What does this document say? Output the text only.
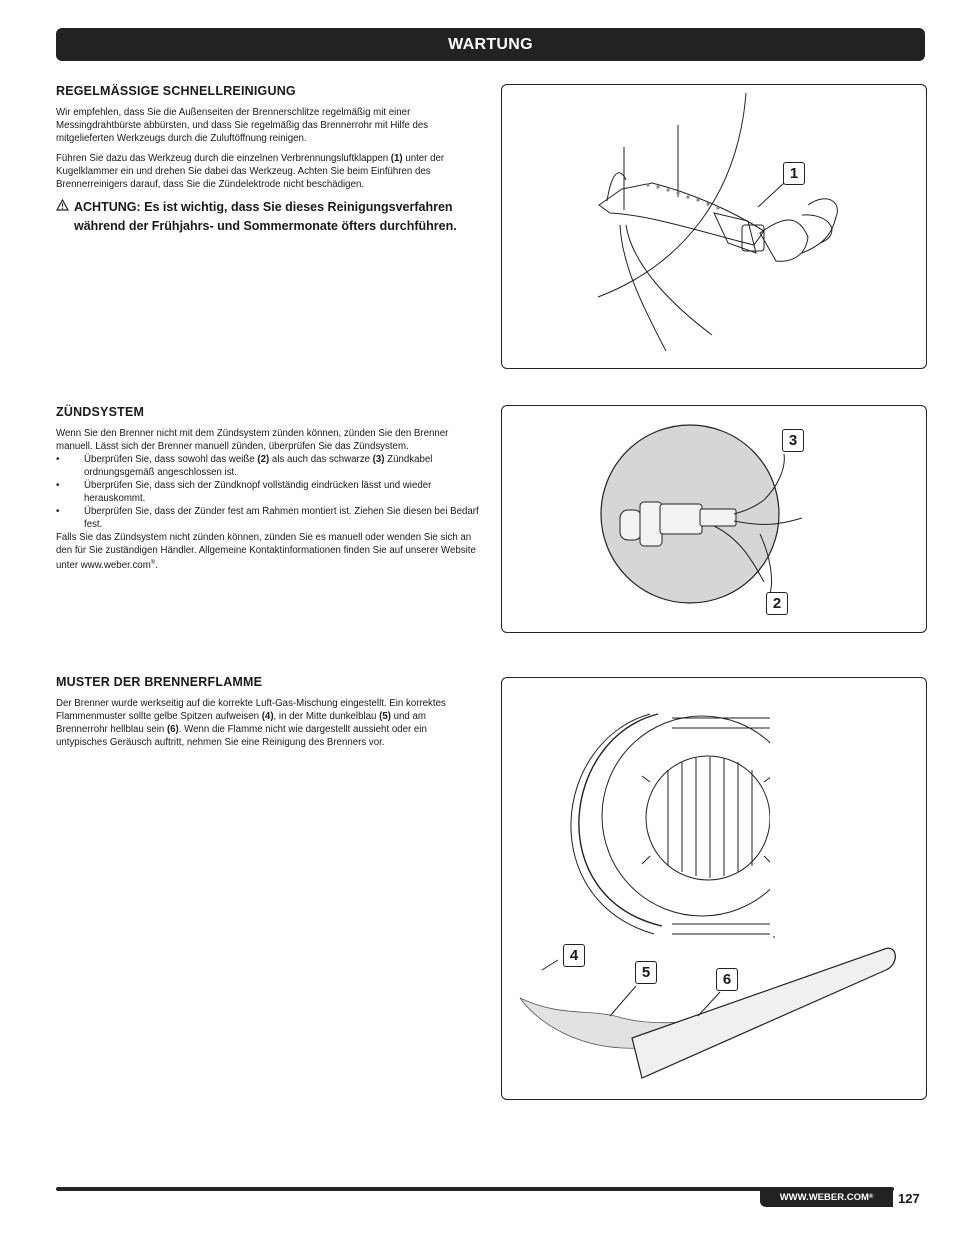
WARTUNG
REGELMÄSSIGE SCHNELLREINIGUNG

Wir empfehlen, dass Sie die Außenseiten der Brennerschlitze regelmäßig mit einer Messingdrahtbürste abbürsten, und dass Sie regelmäßig das Brennerrohr mit Hilfe des mitgelieferten Werkzeugs durch die Zuluftöffnung reinigen.

Führen Sie dazu das Werkzeug durch die einzelnen Verbrennungsluftklappen (1) unter der Kugelklammer ein und drehen Sie dabei das Werkzeug. Achten Sie beim Einführen des Brennerreinigers darauf, dass Sie die Zündelektrode nicht beschädigen.

ACHTUNG: Es ist wichtig, dass Sie dieses Reinigungsverfahren während der Frühjahrs- und Sommermonate öfters durchführen.
1
ZÜNDSYSTEM

Wenn Sie den Brenner nicht mit dem Zündsystem zünden können, zünden Sie den Brenner manuell. Lässt sich der Brenner manuell zünden, überprüfen Sie das Zündsystem.

•	Überprüfen Sie, dass sowohl das weiße (2) als auch das schwarze (3) Zündkabel ordnungsgemäß angeschlossen ist.
•	Überprüfen Sie, dass sich der Zündknopf vollständig eindrücken lässt und wieder herauskommt.
•	Überprüfen Sie, dass der Zünder fest am Rahmen montiert ist. Ziehen Sie diesen bei Bedarf fest.

Falls Sie das Zündsystem nicht zünden können, zünden Sie es manuell oder wenden Sie sich an den für Sie zuständigen Händler. Allgemeine Kontaktinformationen finden Sie auf unserer Website unter www.weber.com®.

3
2
MUSTER DER BRENNERFLAMME

Der Brenner wurde werkseitig auf die korrekte Luft-Gas-Mischung eingestellt. Ein korrektes Flammenmuster sollte gelbe Spitzen aufweisen (4), in der Mitte dunkelblau (5) und am Brennerrohr hellblau sein (6). Wenn die Flamme nicht wie dargestellt aussieht oder ein untypisches Geräusch auftritt, nehmen Sie eine Reinigung des Brenners vor.

4
5	6
WWW.WEBER.COM ® 127
